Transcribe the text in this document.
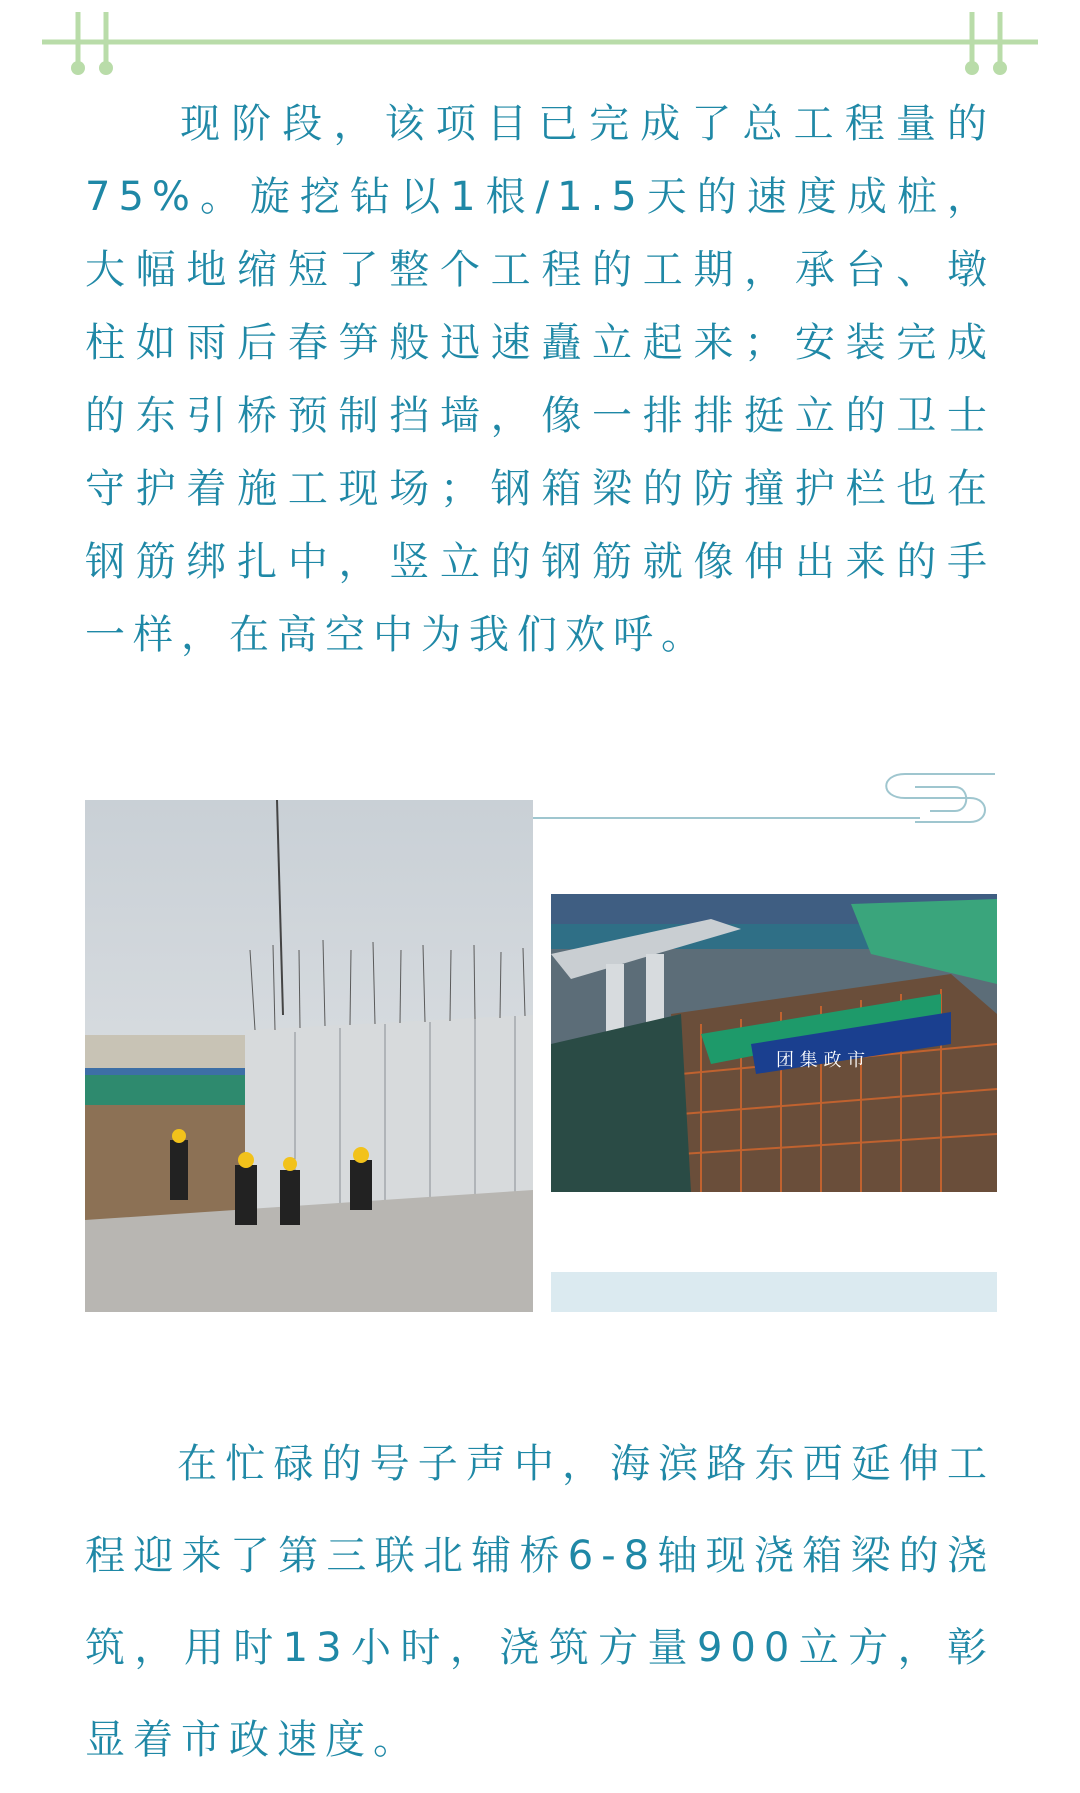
现阶段，该项目已完成了总工程量的75%。旋挖钻以1根/1.5天的速度成桩，大幅地缩短了整个工程的工期，承台、墩柱如雨后春笋般迅速矗立起来；安装完成的东引桥预制挡墙，像一排排挺立的卫士守护着施工现场；钢箱梁的防撞护栏也在钢筋绑扎中，竖立的钢筋就像伸出来的手一样，在高空中为我们欢呼。

团 集 政 市

在忙碌的号子声中，海滨路东西延伸工程迎来了第三联北辅桥6-8轴现浇箱梁的浇筑，用时13小时，浇筑方量900立方，彰显着市政速度。
